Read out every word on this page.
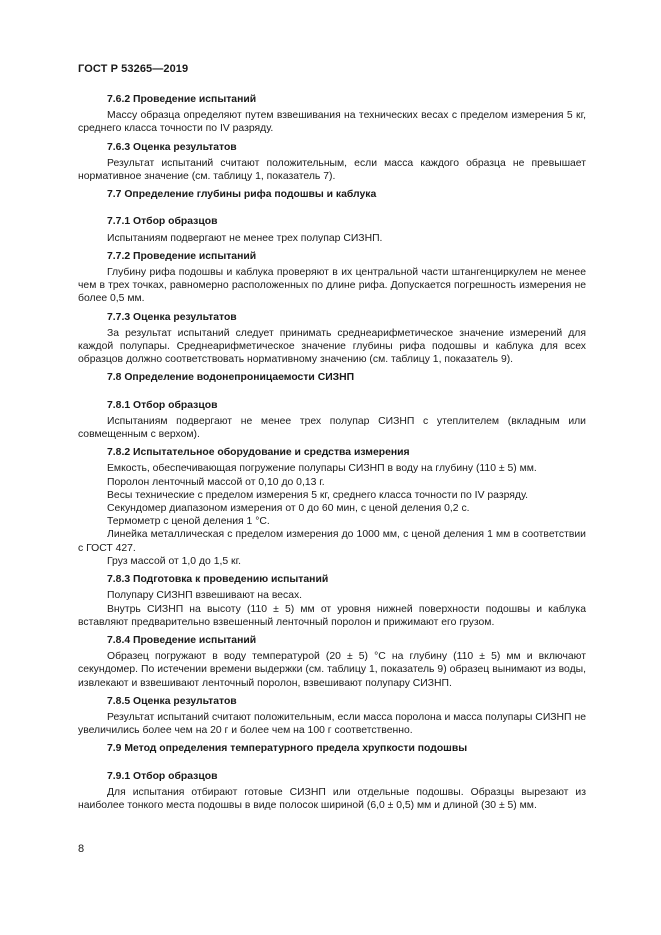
ГОСТ Р 53265—2019
7.6.2 Проведение испытаний
Массу образца определяют путем взвешивания на технических весах с пределом измерения 5 кг, среднего класса точности по IV разряду.
7.6.3 Оценка результатов
Результат испытаний считают положительным, если масса каждого образца не превышает нормативное значение (см. таблицу 1, показатель 7).
7.7 Определение глубины рифа подошвы и каблука
7.7.1 Отбор образцов
Испытаниям подвергают не менее трех полупар СИЗНП.
7.7.2 Проведение испытаний
Глубину рифа подошвы и каблука проверяют в их центральной части штангенциркулем не менее чем в трех точках, равномерно расположенных по длине рифа. Допускается погрешность измерения не более 0,5 мм.
7.7.3 Оценка результатов
За результат испытаний следует принимать среднеарифметическое значение измерений для каждой полупары. Среднеарифметическое значение глубины рифа подошвы и каблука для всех образцов должно соответствовать нормативному значению (см. таблицу 1, показатель 9).
7.8 Определение водонепроницаемости СИЗНП
7.8.1 Отбор образцов
Испытаниям подвергают не менее трех полупар СИЗНП с утеплителем (вкладным или совмещенным с верхом).
7.8.2 Испытательное оборудование и средства измерения
Емкость, обеспечивающая погружение полупары СИЗНП в воду на глубину (110 ± 5) мм.
Поролон ленточный массой от 0,10 до 0,13 г.
Весы технические с пределом измерения 5 кг, среднего класса точности по IV разряду.
Секундомер диапазоном измерения от 0 до 60 мин, с ценой деления 0,2 с.
Термометр с ценой деления 1 °С.
Линейка металлическая с пределом измерения до 1000 мм, с ценой деления 1 мм в соответствии с ГОСТ 427.
Груз массой от 1,0 до 1,5 кг.
7.8.3 Подготовка к проведению испытаний
Полупару СИЗНП взвешивают на весах.
Внутрь СИЗНП на высоту (110 ± 5) мм от уровня нижней поверхности подошвы и каблука вставляют предварительно взвешенный ленточный поролон и прижимают его грузом.
7.8.4 Проведение испытаний
Образец погружают в воду температурой (20 ± 5) °С на глубину (110 ± 5) мм и включают секундомер. По истечении времени выдержки (см. таблицу 1, показатель 9) образец вынимают из воды, извлекают и взвешивают ленточный поролон, взвешивают полупару СИЗНП.
7.8.5 Оценка результатов
Результат испытаний считают положительным, если масса поролона и масса полупары СИЗНП не увеличились более чем на 20 г и более чем на 100 г соответственно.
7.9 Метод определения температурного предела хрупкости подошвы
7.9.1 Отбор образцов
Для испытания отбирают готовые СИЗНП или отдельные подошвы. Образцы вырезают из наиболее тонкого места подошвы в виде полосок шириной (6,0 ± 0,5) мм и длиной (30 ± 5) мм.
8
